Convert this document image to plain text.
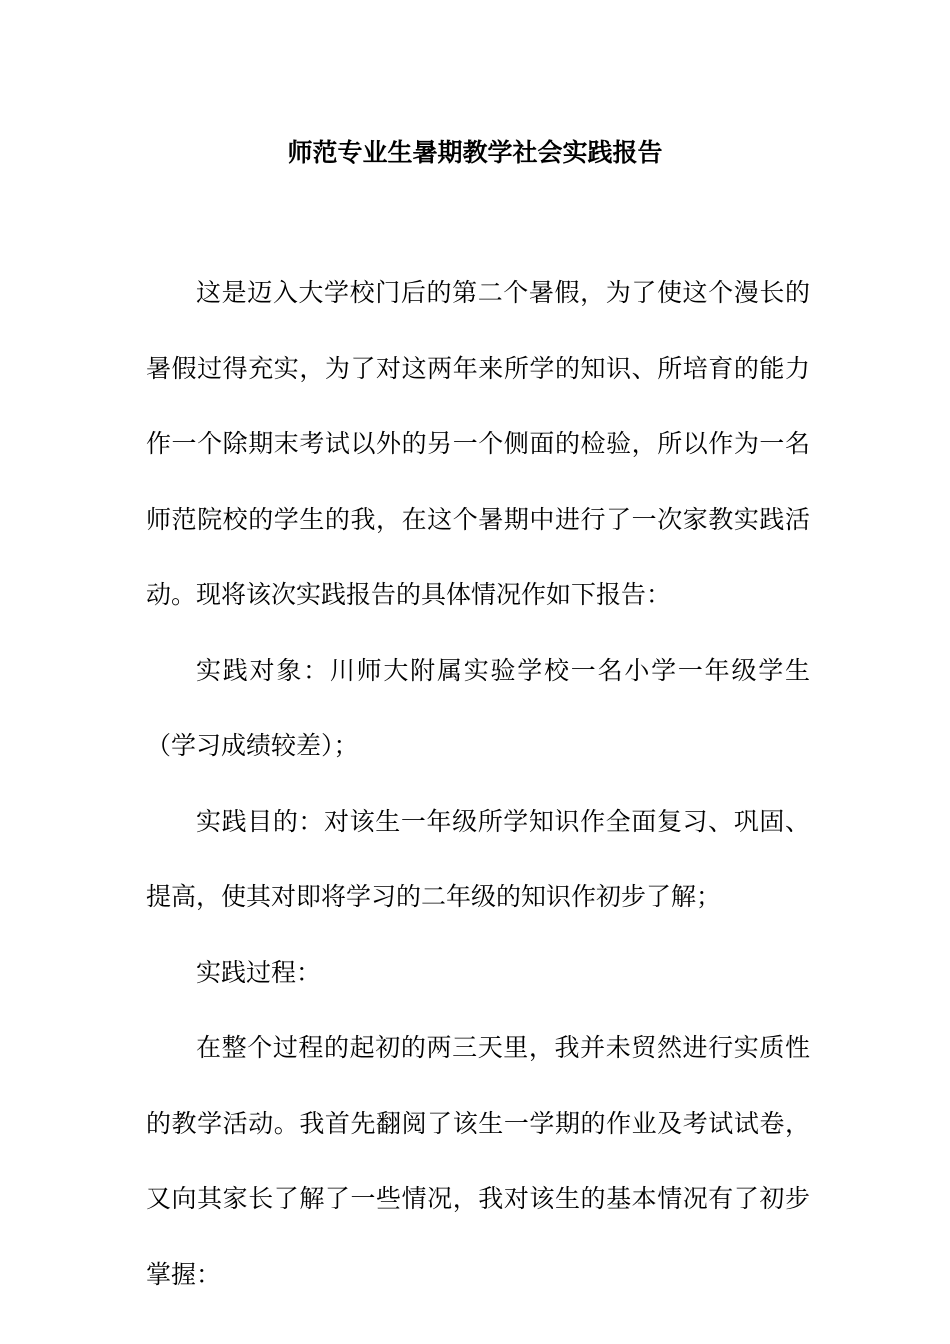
师范专业生暑期教学社会实践报告

这是迈入大学校门后的第二个暑假，为了使这个漫长的暑假过得充实，为了对这两年来所学的知识、所培育的能力作一个除期末考试以外的另一个侧面的检验，所以作为一名师范院校的学生的我，在这个暑期中进行了一次家教实践活动。现将该次实践报告的具体情况作如下报告：

实践对象：川师大附属实验学校一名小学一年级学生（学习成绩较差）；

实践目的：对该生一年级所学知识作全面复习、巩固、提高，使其对即将学习的二年级的知识作初步了解；

实践过程：

在整个过程的起初的两三天里，我并未贸然进行实质性的教学活动。我首先翻阅了该生一学期的作业及考试试卷，又向其家长了解了一些情况，我对该生的基本情况有了初步掌握：
